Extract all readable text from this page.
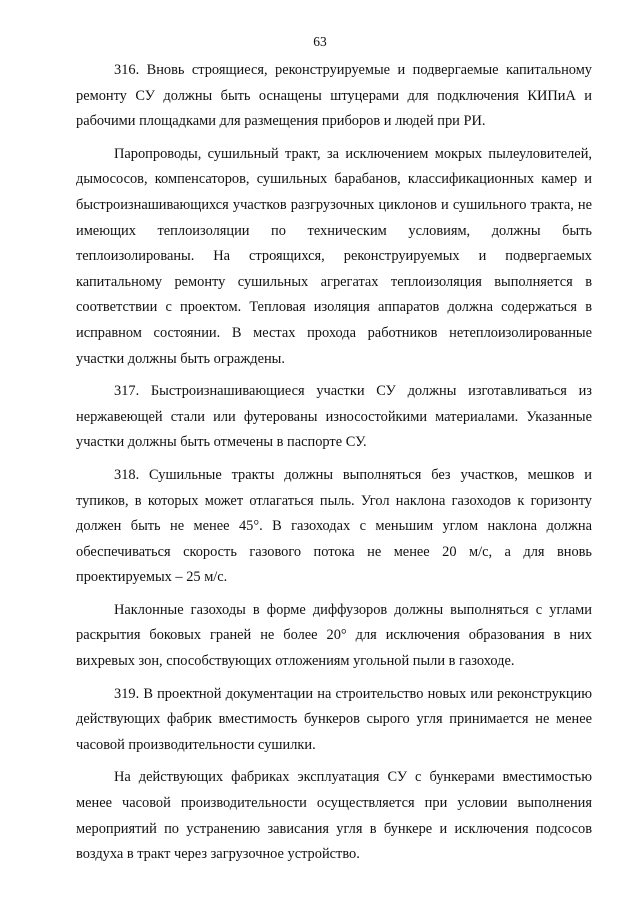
63

316. Вновь строящиеся, реконструируемые и подвергаемые капитальному ремонту СУ должны быть оснащены штуцерами для подключения КИПиА и рабочими площадками для размещения приборов и людей при РИ.

Паропроводы, сушильный тракт, за исключением мокрых пылеуловителей, дымососов, компенсаторов, сушильных барабанов, классификационных камер и быстроизнашивающихся участков разгрузочных циклонов и сушильного тракта, не имеющих теплоизоляции по техническим условиям, должны быть теплоизолированы. На строящихся, реконструируемых и подвергаемых капитальному ремонту сушильных агрегатах теплоизоляция выполняется в соответствии с проектом. Тепловая изоляция аппаратов должна содержаться в исправном состоянии. В местах прохода работников нетеплоизолированные участки должны быть ограждены.

317. Быстроизнашивающиеся участки СУ должны изготавливаться из нержавеющей стали или футерованы износостойкими материалами. Указанные участки должны быть отмечены в паспорте СУ.

318. Сушильные тракты должны выполняться без участков, мешков и тупиков, в которых может отлагаться пыль. Угол наклона газоходов к горизонту должен быть не менее 45°. В газоходах с меньшим углом наклона должна обеспечиваться скорость газового потока не менее 20 м/с, а для вновь проектируемых – 25 м/с.

Наклонные газоходы в форме диффузоров должны выполняться с углами раскрытия боковых граней не более 20° для исключения образования в них вихревых зон, способствующих отложениям угольной пыли в газоходе.

319. В проектной документации на строительство новых или реконструкцию действующих фабрик вместимость бункеров сырого угля принимается не менее часовой производительности сушилки.

На действующих фабриках эксплуатация СУ с бункерами вместимостью менее часовой производительности осуществляется при условии выполнения мероприятий по устранению зависания угля в бункере и исключения подсосов воздуха в тракт через загрузочное устройство.
